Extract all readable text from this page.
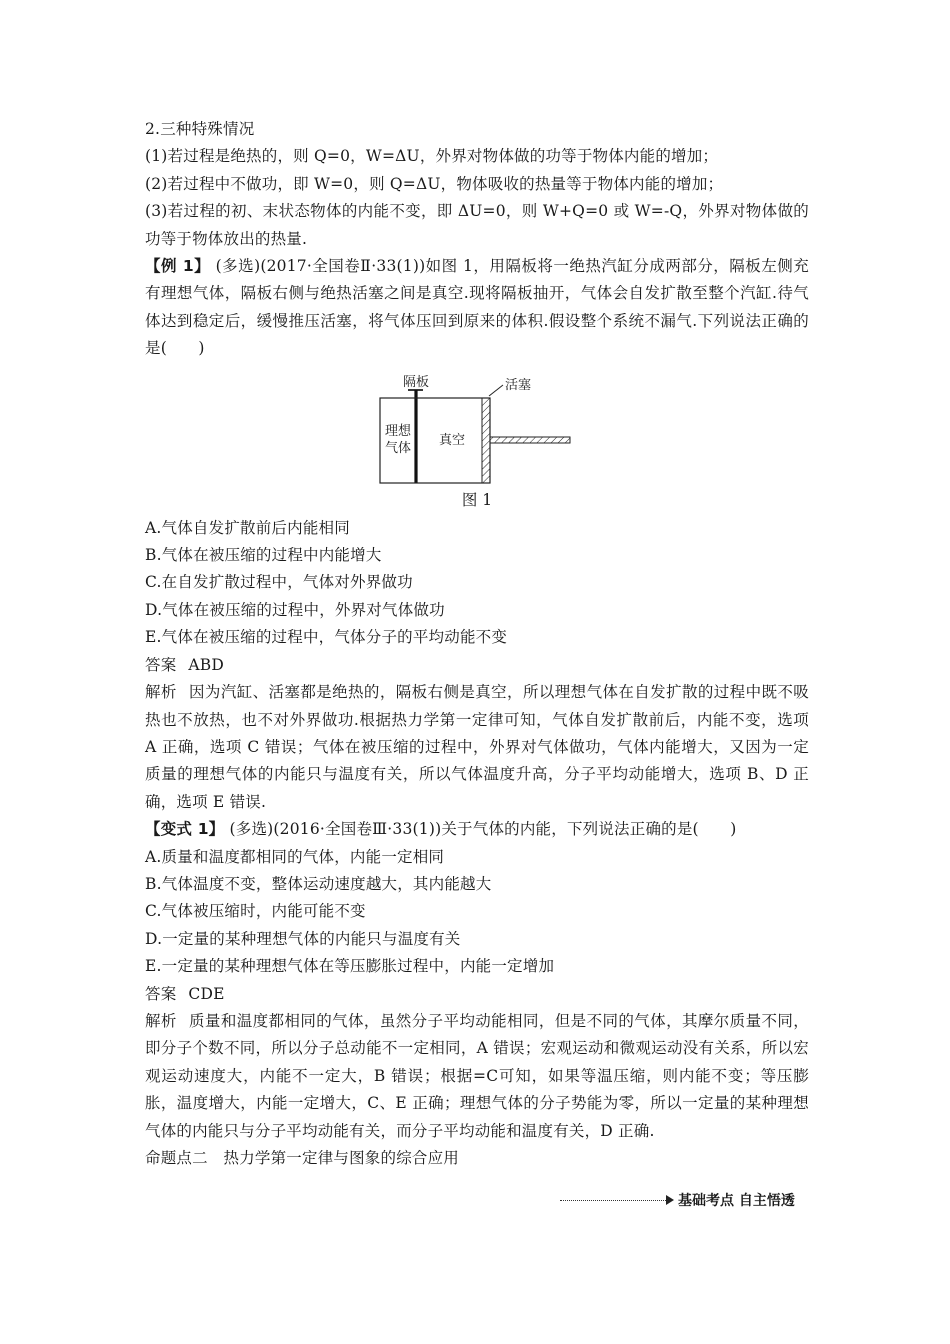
2.三种特殊情况
(1)若过程是绝热的，则 Q=0，W=ΔU，外界对物体做的功等于物体内能的增加；
(2)若过程中不做功，即 W=0，则 Q=ΔU，物体吸收的热量等于物体内能的增加；
(3)若过程的初、末状态物体的内能不变，即 ΔU=0，则 W+Q=0 或 W=-Q，外界对物体做的功等于物体放出的热量.
【例 1】 (多选)(2017·全国卷Ⅱ·33(1))如图 1，用隔板将一绝热汽缸分成两部分，隔板左侧充有理想气体，隔板右侧与绝热活塞之间是真空.现将隔板抽开，气体会自发扩散至整个汽缸.待气体达到稳定后，缓慢推压活塞，将气体压回到原来的体积.假设整个系统不漏气.下列说法正确的是(　　)
隔板	活塞
理想
气体
真空
图 1
A.气体自发扩散前后内能相同
B.气体在被压缩的过程中内能增大
C.在自发扩散过程中，气体对外界做功
D.气体在被压缩的过程中，外界对气体做功
E.气体在被压缩的过程中，气体分子的平均动能不变
答案 ABD
解析 因为汽缸、活塞都是绝热的，隔板右侧是真空，所以理想气体在自发扩散的过程中既不吸热也不放热，也不对外界做功.根据热力学第一定律可知，气体自发扩散前后，内能不变，选项 A 正确，选项 C 错误；气体在被压缩的过程中，外界对气体做功，气体内能增大，又因为一定质量的理想气体的内能只与温度有关，所以气体温度升高，分子平均动能增大，选项 B、D 正确，选项 E 错误.
【变式 1】 (多选)(2016·全国卷Ⅲ·33(1))关于气体的内能，下列说法正确的是(　　)
A.质量和温度都相同的气体，内能一定相同
B.气体温度不变，整体运动速度越大，其内能越大
C.气体被压缩时，内能可能不变
D.一定量的某种理想气体的内能只与温度有关
E.一定量的某种理想气体在等压膨胀过程中，内能一定增加
答案 CDE
解析 质量和温度都相同的气体，虽然分子平均动能相同，但是不同的气体，其摩尔质量不同，即分子个数不同，所以分子总动能不一定相同，A 错误；宏观运动和微观运动没有关系，所以宏观运动速度大，内能不一定大，B 错误；根据=C可知，如果等温压缩，则内能不变；等压膨胀，温度增大，内能一定增大，C、E 正确；理想气体的分子势能为零，所以一定量的某种理想气体的内能只与分子平均动能有关，而分子平均动能和温度有关，D 正确.
命题点二　热力学第一定律与图象的综合应用
基础考点 自主悟透
